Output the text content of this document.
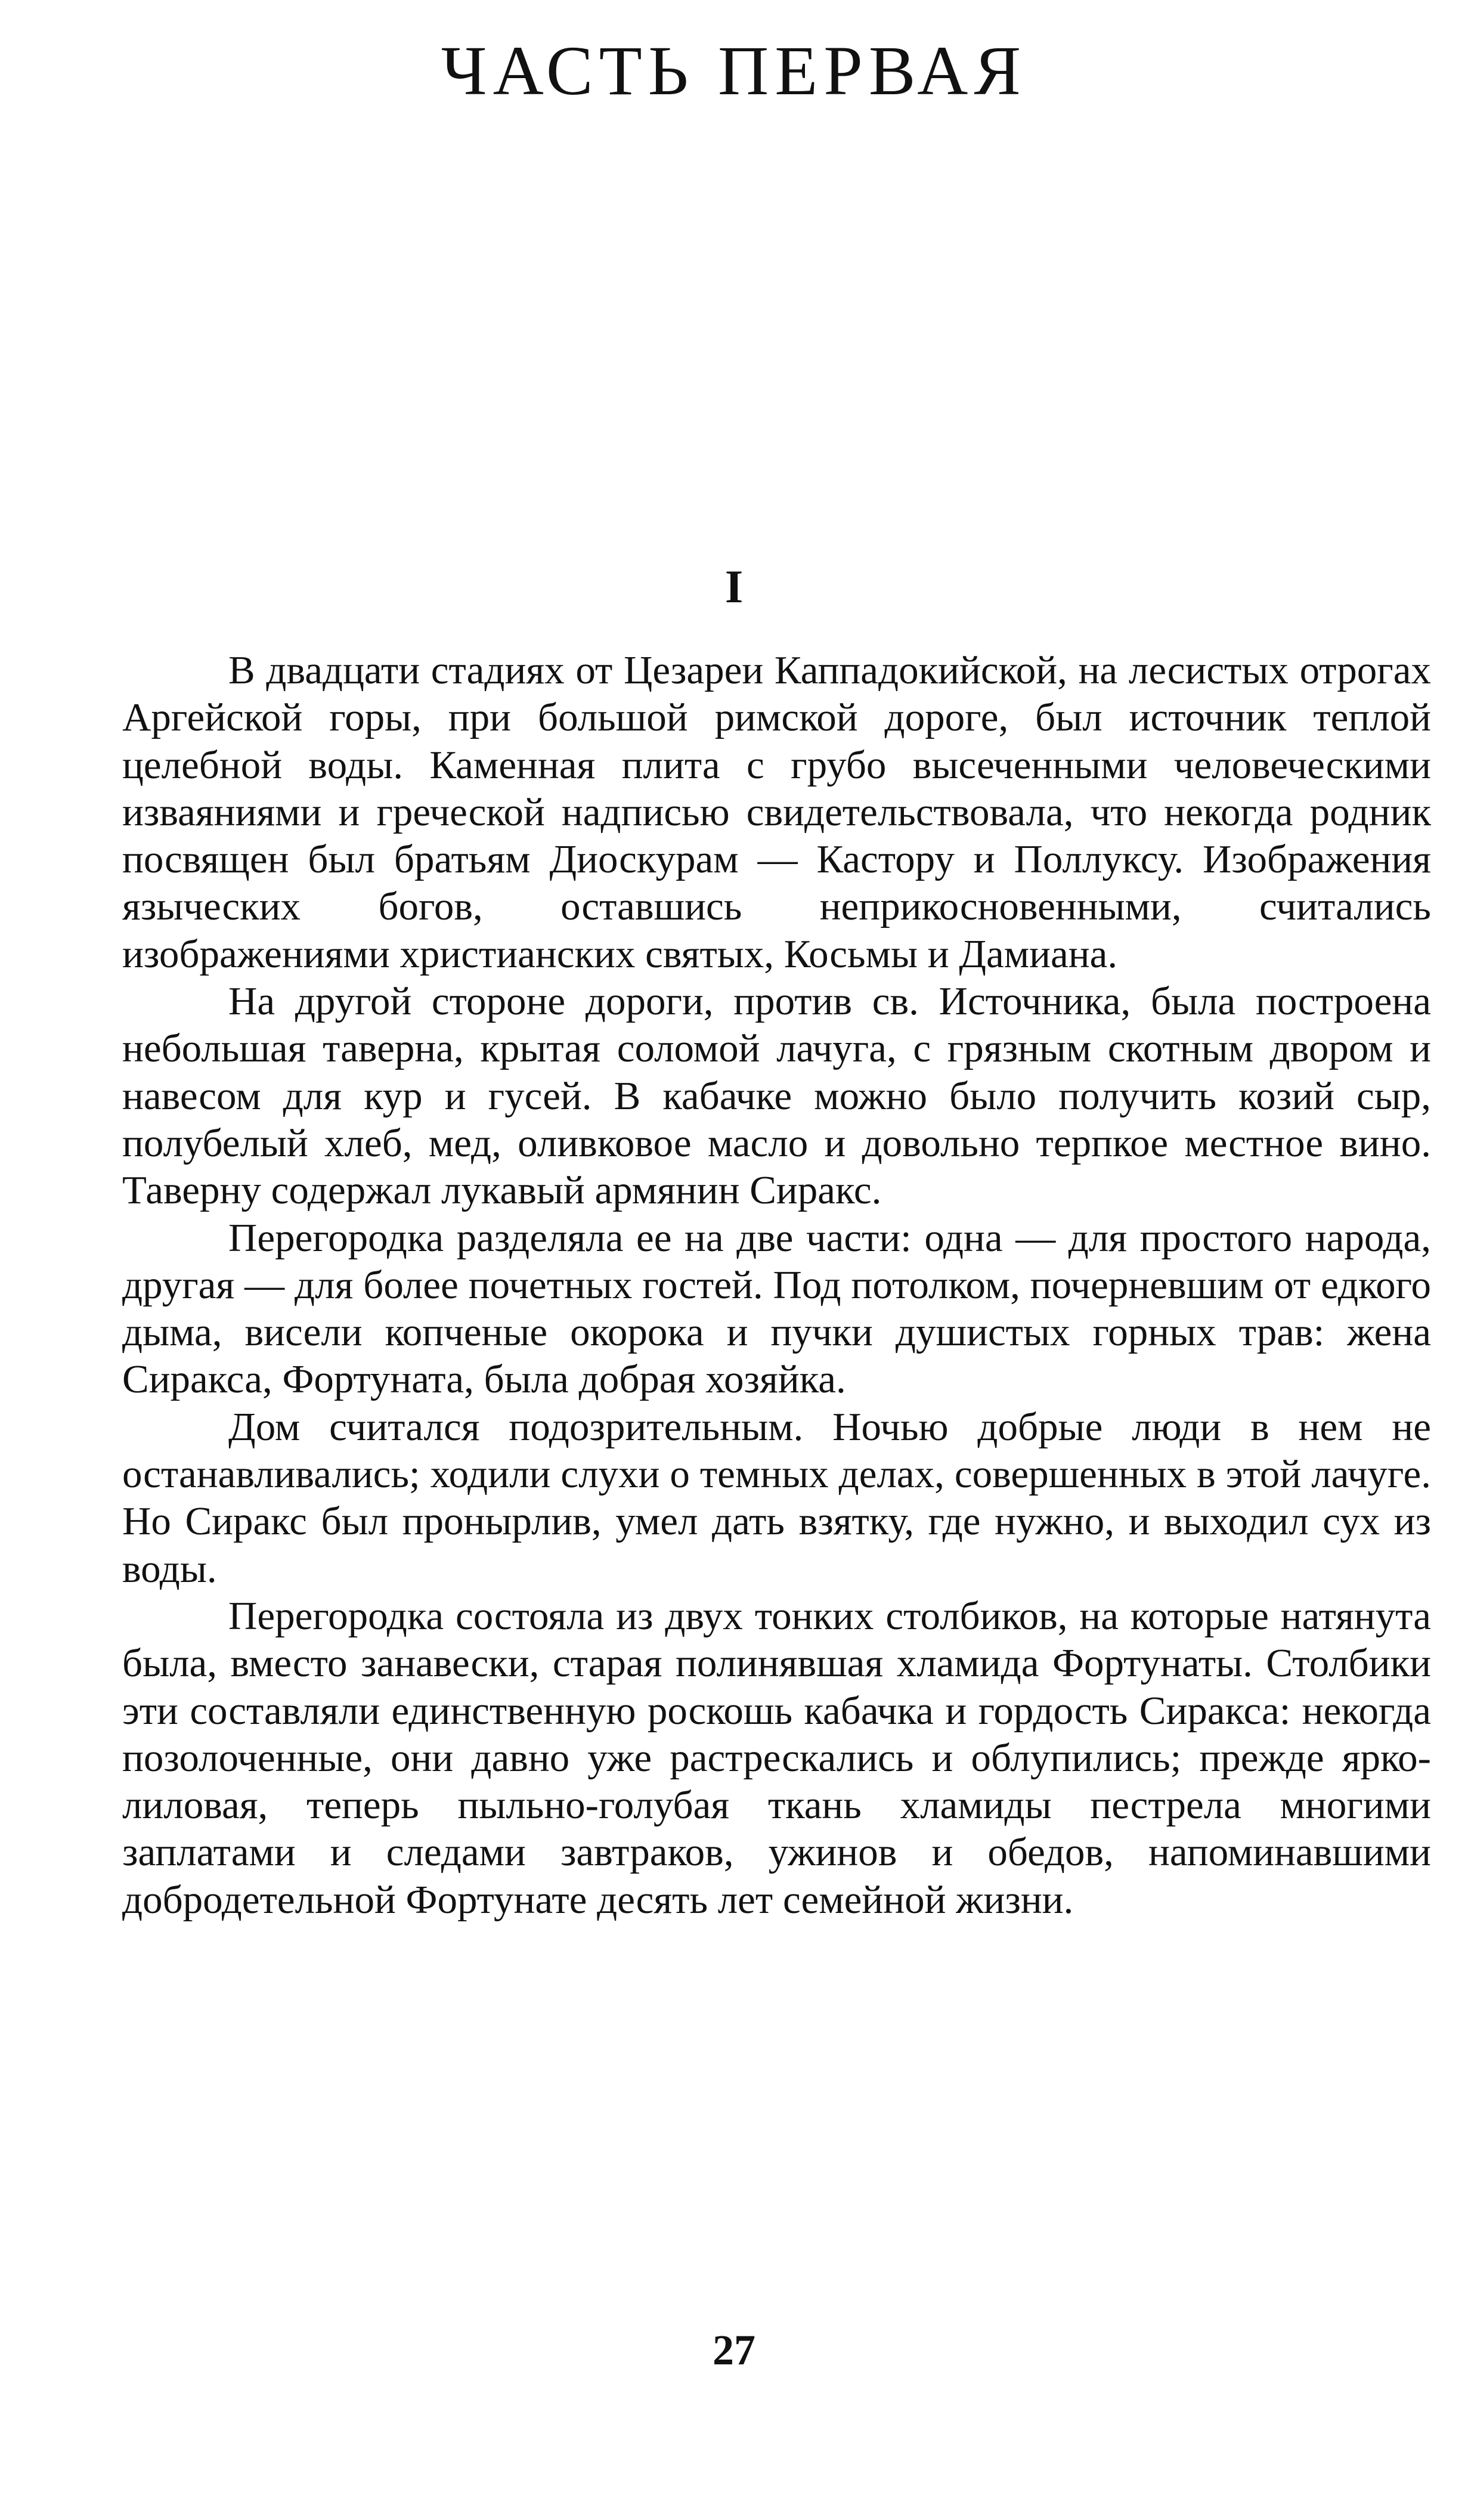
ЧАСТЬ ПЕРВАЯ
I

В двадцати стадиях от Цезареи Каппадокийской, на лесистых отрогах Аргейской горы, при большой римской дороге, был источник теплой целебной воды. Каменная плита с грубо высеченными человеческими изваяниями и греческой надписью свидетельствовала, что некогда родник посвящен был братьям Диоскурам — Кастору и Поллуксу. Изображения языческих богов, оставшись неприкосновенными, считались изображениями христианских святых, Косьмы и Дамиана.

На другой стороне дороги, против св. Источника, была построена небольшая таверна, крытая соломой лачуга, с грязным скотным двором и навесом для кур и гусей. В кабачке можно было получить козий сыр, полубелый хлеб, мед, оливковое масло и довольно терпкое местное вино. Таверну содержал лукавый армянин Сиракс.

Перегородка разделяла ее на две части: одна — для простого народа, другая — для более почетных гостей. Под потолком, почерневшим от едкого дыма, висели копченые окорока и пучки душистых горных трав: жена Сиракса, Фортуната, была добрая хозяйка.

Дом считался подозрительным. Ночью добрые люди в нем не останавливались; ходили слухи о темных делах, совершенных в этой лачуге. Но Сиракс был пронырлив, умел дать взятку, где нужно, и выходил сух из воды.

Перегородка состояла из двух тонких столбиков, на которые натянута была, вместо занавески, старая полинявшая хламида Фортунаты. Столбики эти составляли единственную роскошь кабачка и гордость Сиракса: некогда позолоченные, они давно уже растрескались и облупились; прежде ярко-лиловая, теперь пыльно-голубая ткань хламиды пестрела многими заплатами и следами завтраков, ужинов и обедов, напоминавшими добродетельной Фортунате десять лет семейной жизни.

27
